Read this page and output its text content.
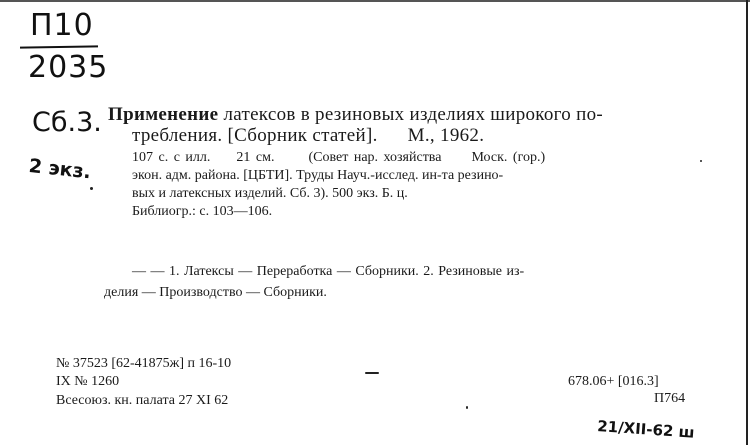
П10
2035
Сб.3.
2 экз.
21/XII-62 ш
Применение латексов в резиновых изделиях широкого по-
требления. [Сборник статей]. М., 1962.
107 с. с илл. 21 см. (Совет нар. хозяйства Моск. (гор.)
экон. адм. района. [ЦБТИ]. Труды Науч.-исслед. ин-та резино-
вых и латексных изделий. Сб. 3). 500 экз. Б. ц.
Библиогр.: с. 103—106.
— — 1. Латексы — Переработка — Сборники. 2. Резиновые из-
делия — Производство — Сборники.
№ 37523 [62-41875ж] п 16-10
IX № 1260
Всесоюз. кн. палата 27 XI 62
678.06+ [016.3]
П764
